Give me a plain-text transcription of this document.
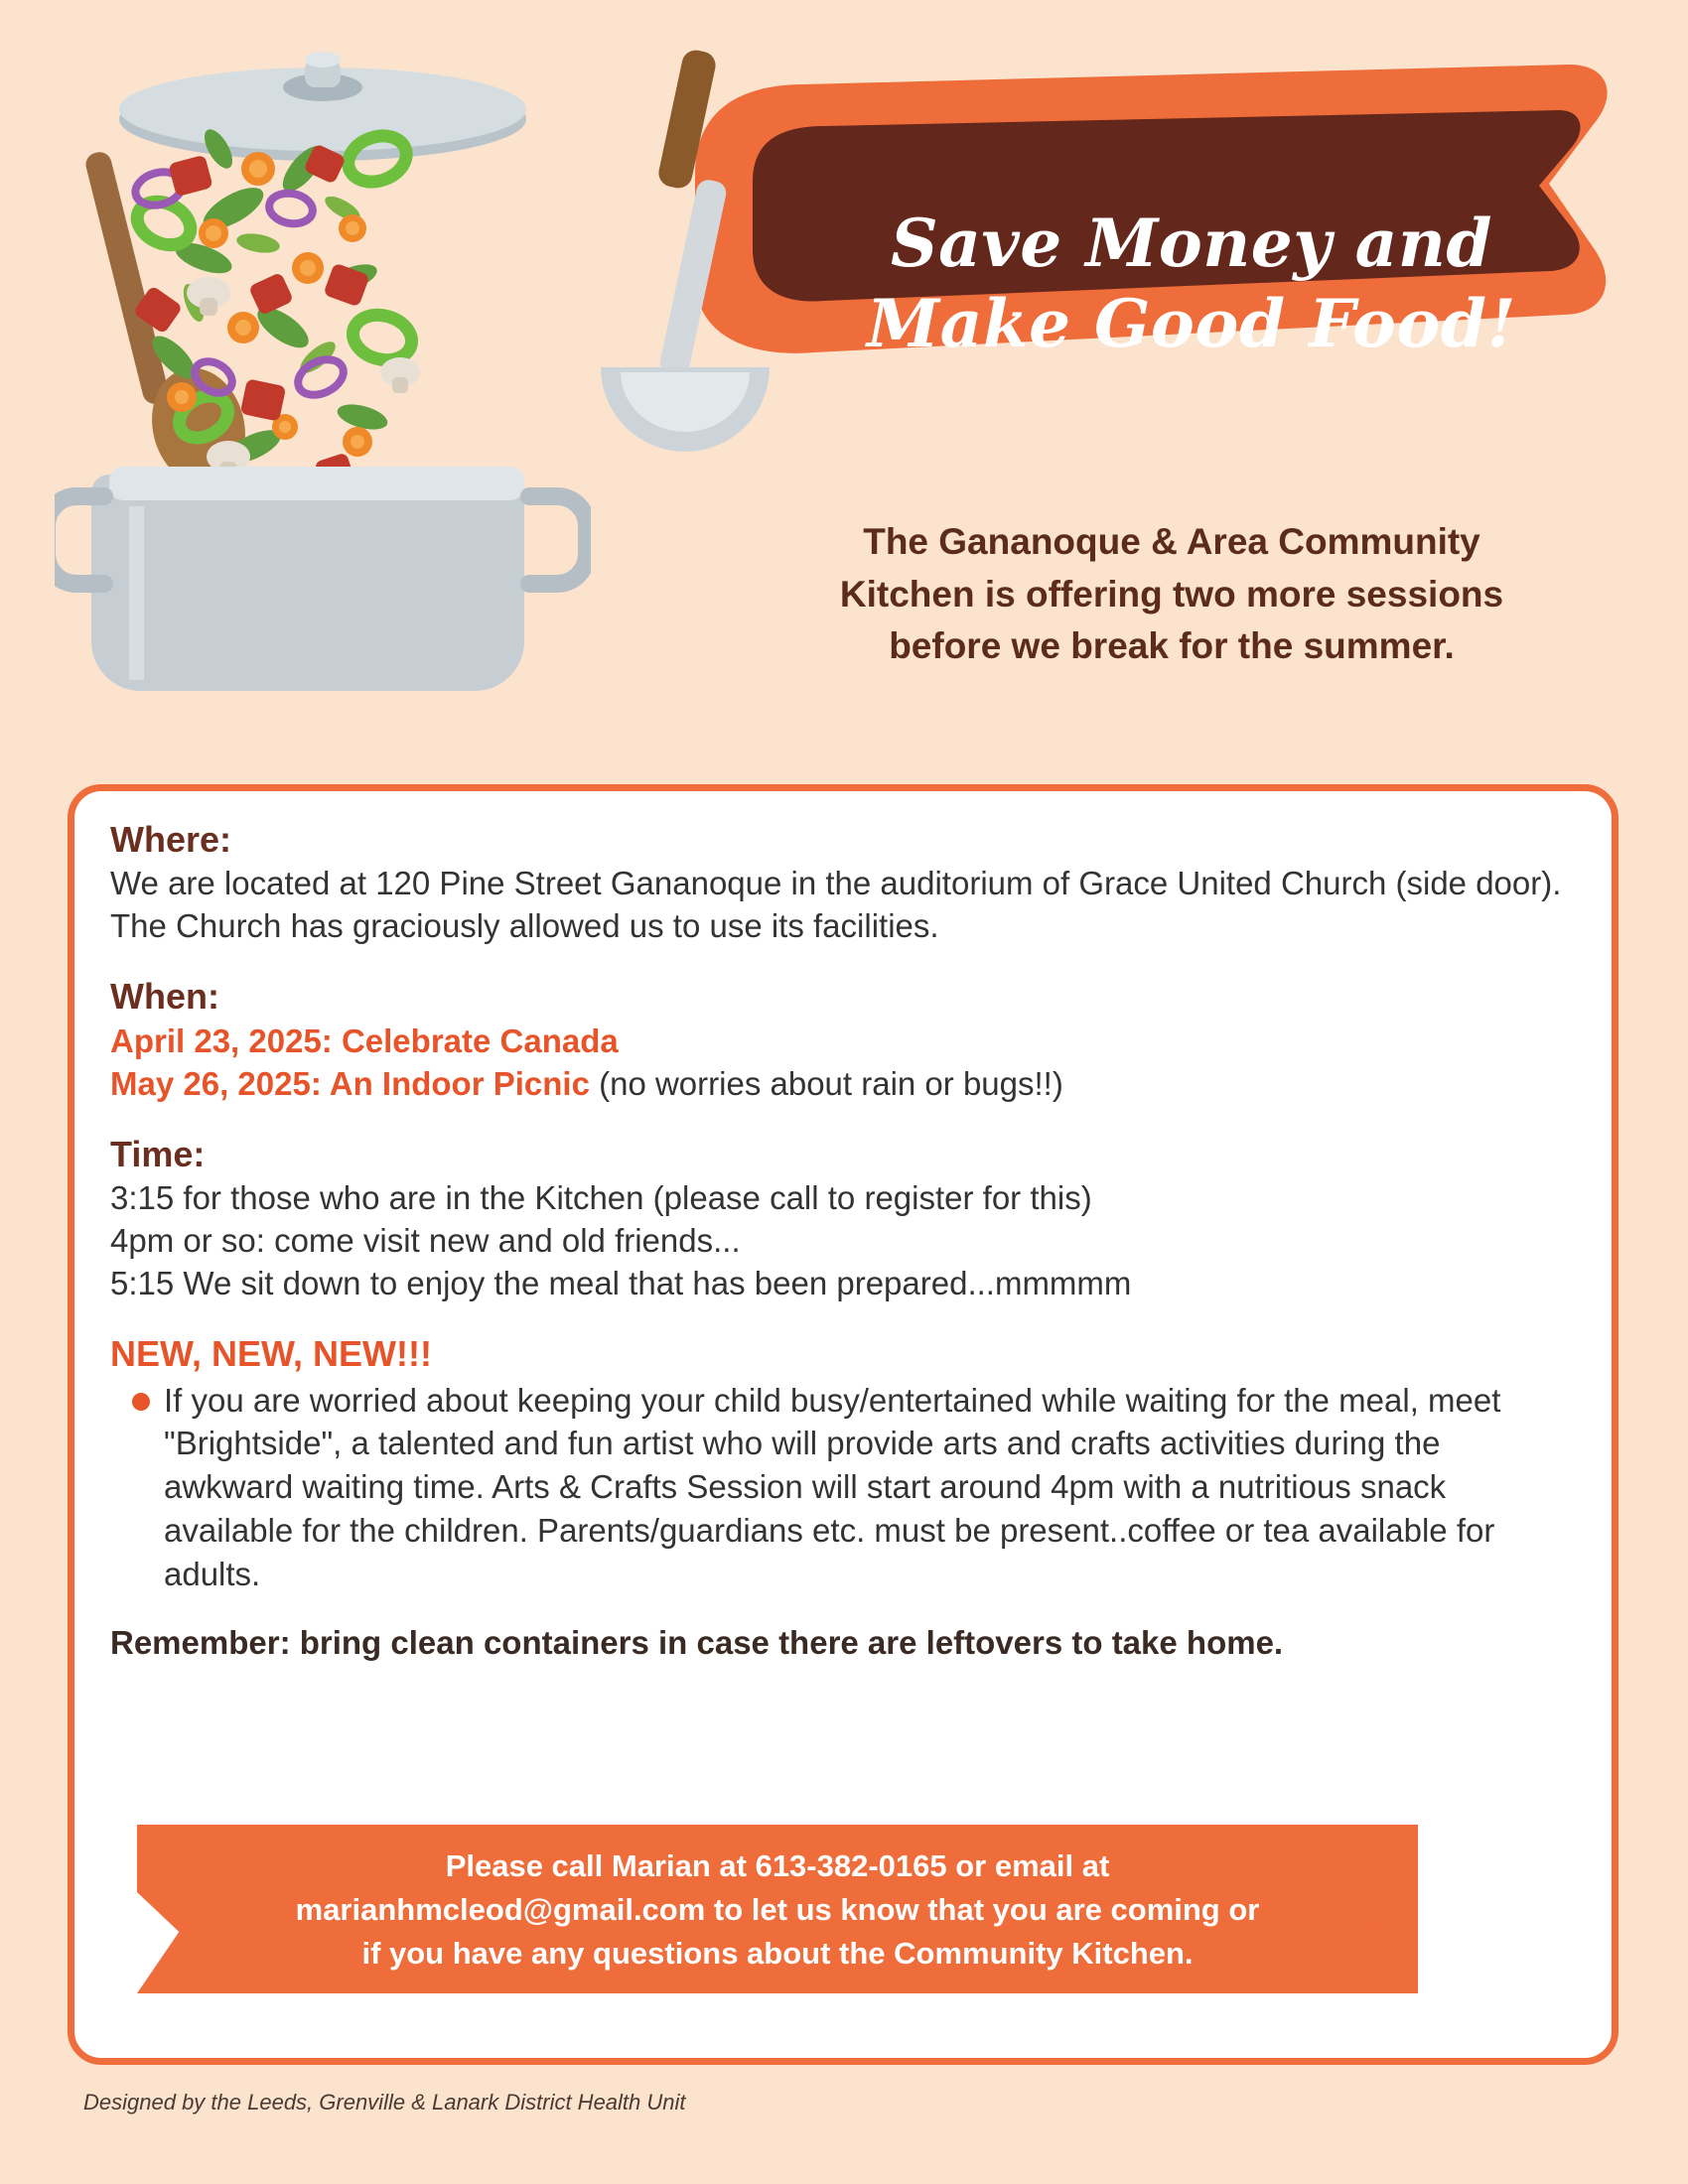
Save Money and
Make Good Food!
The Gananoque & Area Community Kitchen is offering two more sessions before we break for the summer.
Where:
We are located at 120 Pine Street Gananoque in the auditorium of Grace United Church (side door). The Church has graciously allowed us to use its facilities.
When:
April 23, 2025: Celebrate Canada
May 26, 2025: An Indoor Picnic (no worries about rain or bugs!!)
Time:
3:15 for those who are in the Kitchen (please call to register for this)
4pm or so: come visit new and old friends...
5:15 We sit down to enjoy the meal that has been prepared...mmmmm
NEW, NEW, NEW!!!
If you are worried about keeping your child busy/entertained while waiting for the meal, meet "Brightside", a talented and fun artist who will provide arts and crafts activities during the awkward waiting time. Arts & Crafts Session will start around 4pm with a nutritious snack available for the children. Parents/guardians etc. must be present..coffee or tea available for adults.
Remember: bring clean containers in case there are leftovers to take home.
Please call Marian at 613-382-0165 or email at
marianhmcleod@gmail.com to let us know that you are coming or
if you have any questions about the Community Kitchen.
Designed by the Leeds, Grenville & Lanark District Health Unit
